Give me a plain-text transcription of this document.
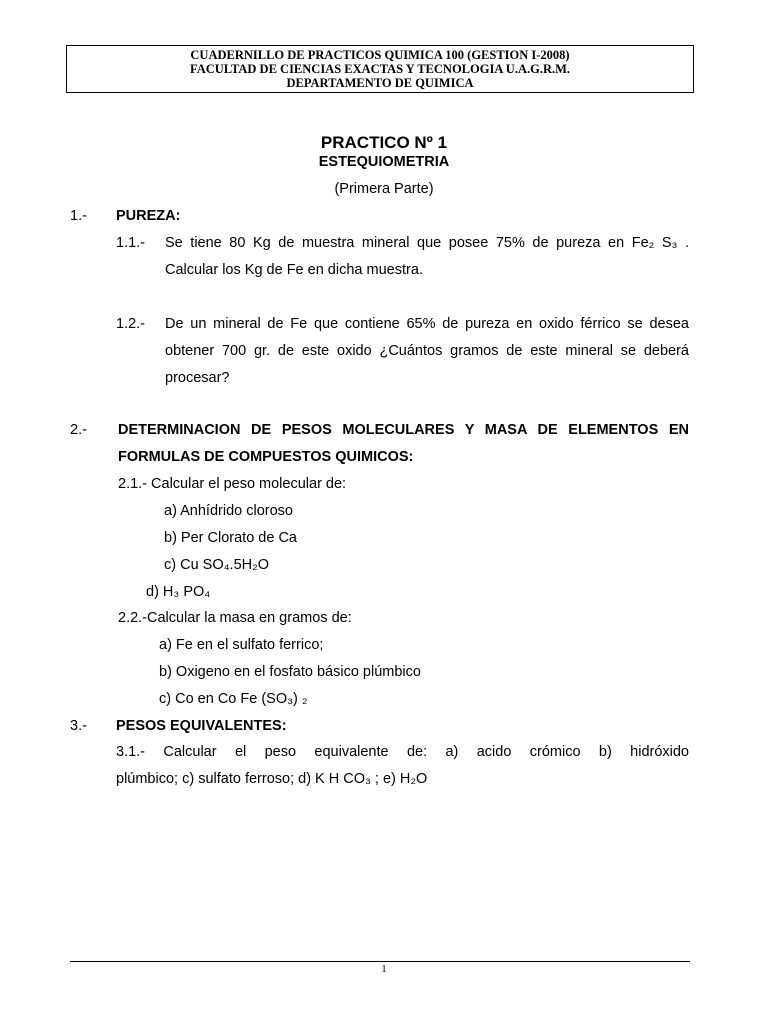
CUADERNILLO DE PRACTICOS QUIMICA 100 (GESTION I-2008)
FACULTAD DE CIENCIAS EXACTAS Y TECNOLOGIA U.A.G.R.M.
DEPARTAMENTO DE QUIMICA
PRACTICO Nº 1
ESTEQUIOMETRIA
(Primera Parte)
1.- PUREZA:
1.1.- Se tiene 80 Kg de muestra mineral que posee 75% de pureza en Fe₂ S₃ .
Calcular los Kg de Fe en dicha muestra.
1.2.- De un mineral de Fe que contiene 65% de pureza en oxido férrico se desea
obtener 700 gr. de este oxido ¿Cuántos gramos de este mineral se deberá
procesar?
2.- DETERMINACION DE PESOS MOLECULARES Y MASA DE ELEMENTOS EN
FORMULAS DE COMPUESTOS QUIMICOS:
2.1.- Calcular el peso molecular de:
a) Anhídrido cloroso
b) Per Clorato de Ca
c) Cu SO₄.5H₂O
d) H₃ PO₄
2.2.-Calcular la masa en gramos de:
a) Fe en el sulfato ferrico;
b) Oxigeno en el fosfato básico plúmbico
c) Co en Co Fe (SO₃) ₂
3.- PESOS EQUIVALENTES:
3.1.- Calcular el peso equivalente de: a) acido crómico b) hidróxido
plúmbico; c) sulfato ferroso; d) K H CO₃ ; e) H₂O
1
